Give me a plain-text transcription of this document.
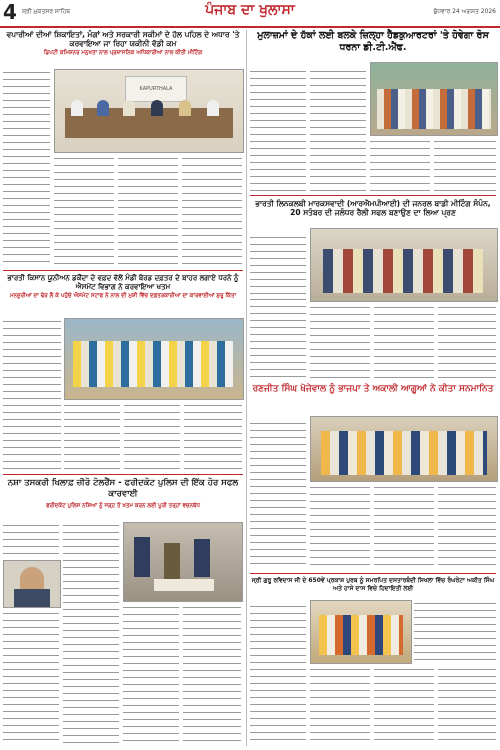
4 ਸ੍ਰੀ ਮੁਕਤਸਰ ਸਾਹਿਬ	ਪੰਜਾਬ ਦਾ ਖੁਲਾਸਾ	ਬੁੱਧਵਾਰ 24 ਅਗਸਤ 2026
ਵਪਾਰੀਆਂ ਦੀਆਂ ਸ਼ਿਕਾਇਤਾਂ, ਮੰਗਾਂ ਅਤੇ ਸਰਕਾਰੀ ਸਕੀਮਾਂ ਦੇ ਹੱਲ ਪਹਿਲ ਦੇ ਅਧਾਰ 'ਤੇ ਕਰਵਾਇਆ ਜਾ ਰਿਹਾ ਯਕੀਨੀ ਵੱਡੀ ਕਮ
ਡਿਪਟੀ ਕਮਿਸ਼ਨਰ ਮਨੁਖਤਾ ਨਾਲ ਪ੍ਰਸ਼ਾਸਨਿਕ ਅਧਿਕਾਰੀਆਂ ਨਾਲ ਕੀਤੀ ਮੀਟਿੰਗ
KAPURTHALA
ਭਾਰਤੀ ਕਿਸਾਨ ਯੂਨੀਅਨ ਡਕੌਂਦਾ ਦੇ ਵਫ਼ਦ ਵੱਲੋਂ ਮੰਡੀ ਬੋਰਡ ਦਫ਼ਤਰ ਦੇ ਬਾਹਰ ਲਗਾਏ ਧਰਨੇ ਨੂੰ ਐਸਮੇਂਟ ਵਿਭਾਗ ਨੇ ਕਰਵਾਇਆ ਖਤਮ
ਮਨਜ਼ੂਰੀਆਂ ਦਾ ਢੇਰ ਲੈ ਕੇ ਪਹੁੰਚੇ ਐਸਮੇਂਟ ਸਟਾਫ ਨੇ ਨਾਲ ਦੀ ਮੁਸ਼ੀ ਵਿੱਚ ਦਫ਼ਤਰਕਾਰੀਆਂ ਦਾ ਕਾਰਵਾਈਆਂ ਸ਼ੁਰੂ ਕਿੱਤਾ
ਨਸ਼ਾ ਤਸਕਰੀ ਖਿਲਾਫ਼ ਜ਼ੀਰੋ ਟੋਲਰੈਂਸ - ਫਰੀਦਕੋਟ ਪੁਲਿਸ ਦੀ ਇੱਕ ਹੋਰ ਸਫਲ ਕਾਰਵਾਈ
ਫਰੀਦਕੋਟ ਪੁਲਿਸ ਨਸ਼ਿਆਂ ਨੂੰ ਜੜ੍ਹ ਤੋਂ ਖਤਮ ਕਰਨ ਲਈ ਪੂਰੀ ਤਰ੍ਹਾਂ ਵਚਨਬੱਧ
ਮੁਲਾਜ਼ਮਾਂ ਦੇ ਹੱਕਾਂ ਲਈ ਬਲਕੇ ਜ਼ਿਲ੍ਹਾ ਹੈੱਡਕੁਆਰਟਰਾਂ 'ਤੇ ਹੋਵੇਗਾ ਰੋਸ ਧਰਨਾ ਡੀ.ਟੀ.ਐੱਫ.
ਭਾਰਤੀ ਲਿਨਕਲਬੀ ਮਾਰਕਸਵਾਦੀ (ਆਰਐਮਪੀਆਈ) ਦੀ ਜਨਰਲ ਬਾਡੀ ਮੀਟਿੰਗ ਸੰਪੰਨ, 20 ਸਤੰਬਰ ਦੀ ਜਲੰਧਰ ਰੈਲੀ ਸਫਲ ਬਣਾਉਣ ਦਾ ਲਿਆ ਪ੍ਰਣ
ਰਣਜੀਤ ਸਿੰਘ ਖੋਜੇਵਾਲ ਨੂੰ ਭਾਜਪਾ ਤੇ ਅਕਾਲੀ ਆਗੂਆਂ ਨੇ ਕੀਤਾ ਸਨਮਾਨਿਤ
ਸ੍ਰੀ ਗੁਰੂ ਰਵਿਦਾਸ ਜੀ ਦੇ 650ਵੇਂ ਪ੍ਰਕਾਸ਼ ਪੁਰਬ ਨੂੰ ਸਮਰਪਿਤ ਦਸਤਾਰਬੰਦੀ ਸਿਖਲਾ ਵਿੱਚ ਰੰਘਰੇਟਾ ਅਕੀਤ ਸਿੰਘ ਅਤੇ ਹਾਸੇ ਦਾਸ ਵਿਚੇ ਹਿਦਾਇਤੀ ਲਈ
